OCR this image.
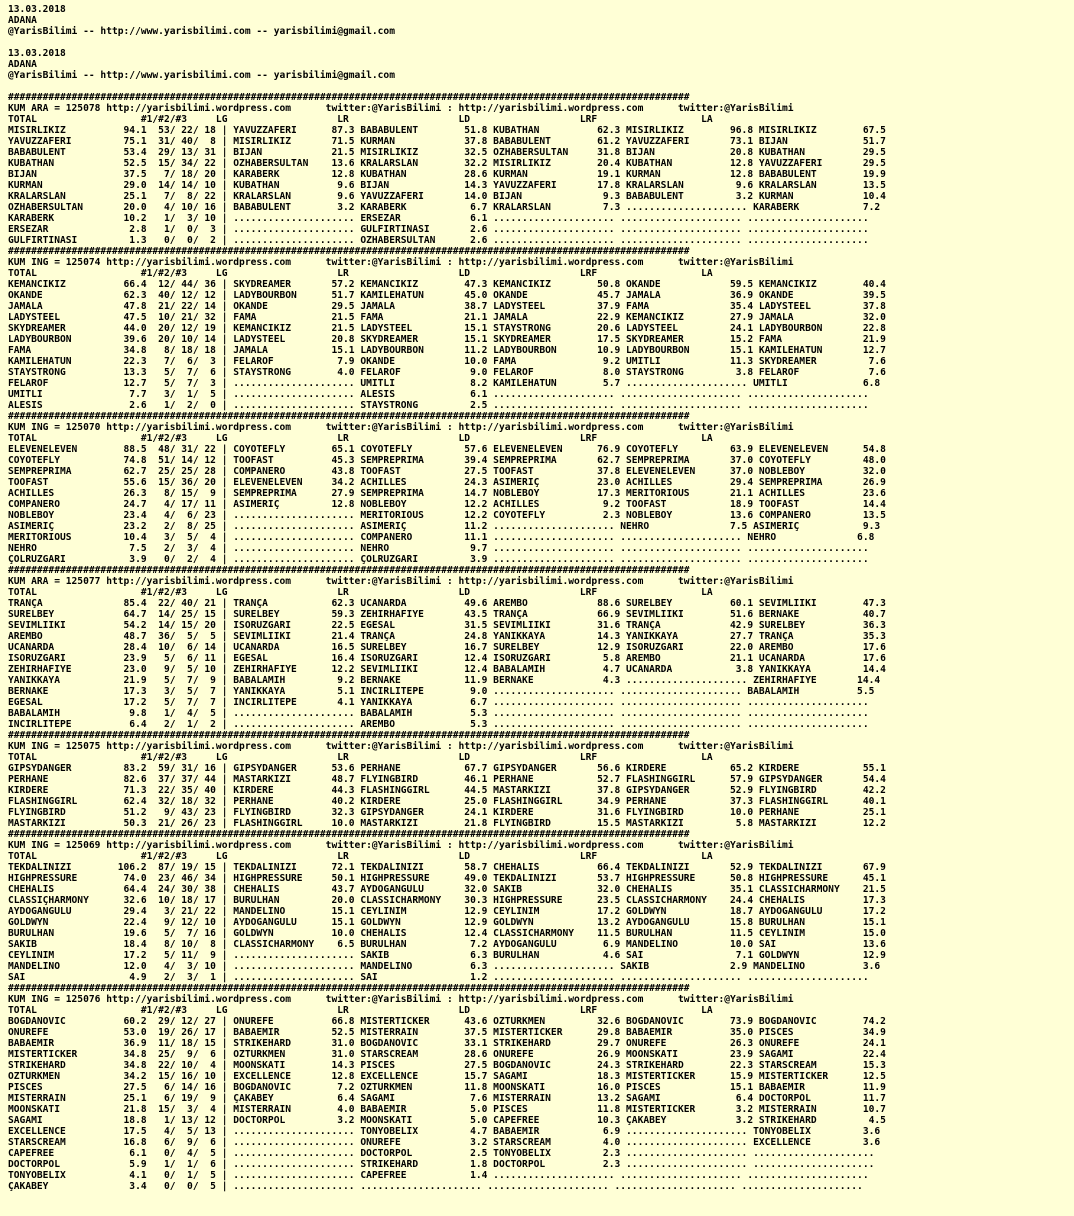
13.03.2018
ADANA
@YarisBilimi -- http://www.yarisbilimi.com -- yarisbilimi@gmail.com

13.03.2018
ADANA
@YarisBilimi -- http://www.yarisbilimi.com -- yarisbilimi@gmail.com

######################################################################################################################
KUM ARA = 125078 http://yarisbilimi.wordpress.com      twitter:@YarisBilimi : http://yarisbilimi.wordpress.com      twitter:@YarisBilimi
TOTAL                  #1/#2/#3     LG                   LR                   LD                   LRF                  LA
MISIRLIKIZ          94.1  53/ 22/ 18 | YAVUZZAFERİ      87.3 BABABÜLENT        51.8 KUBATHAN          62.3 MISIRLIKIZ        96.8 MISIRLIKIZ        67.5
YAVUZZAFERİ         75.1  31/ 40/  8 | MISIRLIKIZ       71.5 KURMAN            37.8 BABABULENT        61.2 YAVUZZAFERİ       73.1 BIJAN             51.7
BABABULENT          53.4  29/ 13/ 31 | BIJAN            21.5 MISIRLIKIZ        32.5 ÖZHABERSULTAN     31.8 BIJAN             20.8 KUBATHAN          29.5
KUBATHAN            52.5  15/ 34/ 22 | ÖZHABERSULTAN    13.6 KRALARSLAN        32.2 MISIRLIKIZ        20.4 KUBATHAN          12.8 YAVUZZAFERİ       29.5
BIJAN               37.5   7/ 18/ 20 | KARABERK         12.8 KUBATHAN          28.6 KURMAN            19.1 KURMAN            12.8 BABABULENT        19.9
KURMAN              29.0  14/ 14/ 10 | KUBATHAN          9.6 BIJAN             14.3 YAVUZZAFERİ       17.8 KRALARSLAN         9.6 KRALARSLAN        13.5
KRALARSLAN          25.1   7/  8/ 22 | KRALARSLAN        9.6 YAVUZZAFERİ       14.0 BIJAN              9.3 BABABULENT         3.2 KURMAN            10.4
ÖZHABERSULTAN       20.0   4/ 10/ 16 | BABABULENT        3.2 KARABERK           6.7 KRALARSLAN         7.3 ..................... KARABERK           7.2
KARABERK            10.2   1/  3/ 10 | ..................... ERSEZAR            6.1 ..................... ..................... .....................
ERSEZAR              2.8   1/  0/  3 | ..................... GULFIRTINASI       2.6 ..................... ..................... .....................
GULFIRTINASI         1.3   0/  0/  2 | ..................... ÖZHABERSULTAN      2.6 ..................... ..................... .....................
######################################################################################################################
KUM ING = 125074 http://yarisbilimi.wordpress.com      twitter:@YarisBilimi : http://yarisbilimi.wordpress.com      twitter:@YarisBilimi
TOTAL                  #1/#2/#3     LG                   LR                   LD                   LRF                  LA
KEMANCIKIZ          66.4  12/ 44/ 36 | SKYDREAMER       57.2 KEMANCIKIZ        47.3 KEMANCIKIZ        50.8 OKANDE            59.5 KEMANCIKIZ        40.4
OKANDE              62.3  40/ 12/ 12 | LADYBOURBON      51.7 KAMİLEHATUN       45.0 OKANDE            45.7 JAMALA            36.9 OKANDE            39.5
JAMALA              47.8  21/ 22/ 14 | OKANDE           29.5 JAMALA            38.7 LADYSTEEL         37.9 FAMA              35.4 LADYSTEEL         37.8
LADYSTEEL           47.5  10/ 21/ 32 | FAMA             21.5 FAMA              21.1 JAMALA            22.9 KEMANCIKIZ        27.9 JAMALA            32.0
SKYDREAMER          44.0  20/ 12/ 19 | KEMANCIKIZ       21.5 LADYSTEEL         15.1 STAYSTRONG        20.6 LADYSTEEL         24.1 LADYBOURBON       22.8
LADYBOURBON         39.6  20/ 10/ 14 | LADYSTEEL        20.8 SKYDREAMER        15.1 SKYDREAMER        17.5 SKYDREAMER        15.2 FAMA              21.9
FAMA                34.8   8/ 18/ 18 | JAMALA           15.1 LADYBOURBON       11.2 LADYBOURBON       10.9 LADYBOURBON       15.1 KAMİLEHATUN       12.7
KAMİLEHATUN         22.3   7/  6/  3 | FELAROF           7.9 OKANDE            10.0 FAMA               9.2 ÜMİTLİ            11.3 SKYDREAMER         7.6
STAYSTRONG          13.3   5/  7/  6 | STAYSTRONG        4.0 FELAROF            9.0 FELAROF            8.0 STAYSTRONG         3.8 FELAROF            7.6
FELAROF             12.7   5/  7/  3 | ..................... ÜMİTLİ             8.2 KAMİLEHATUN        5.7 ..................... ÜMİTLİ             6.8
ÜMİTLİ               7.7   3/  1/  5 | ..................... ALESIS             6.1 ..................... ..................... .....................
ALESIS               2.6   1/  2/  0 | ..................... STAYSTRONG         2.5 ..................... ..................... .....................
######################################################################################################################
KUM ING = 125070 http://yarisbilimi.wordpress.com      twitter:@YarisBilimi : http://yarisbilimi.wordpress.com      twitter:@YarisBilimi
TOTAL                  #1/#2/#3     LG                   LR                   LD                   LRF                  LA
ELEVENELEVEN        88.5  48/ 31/ 22 | COYOTEFLY        65.1 COYOTEFLY         57.6 ELEVENELEVEN      76.9 COYOTEFLY         63.9 ELEVENELEVEN      54.8
COYOTEFLY           74.8  51/ 14/ 12 | TOOFAST          45.3 SEMPREPRIMA       39.4 SEMPREPRIMA       62.7 SEMPREPRIMA       37.0 COYOTEFLY         48.0
SEMPREPRIMA         62.7  25/ 25/ 28 | COMPANERO        43.8 TOOFAST           27.5 TOOFAST           37.8 ELEVENELEVEN      37.0 NOBLEBOY          32.0
TOOFAST             55.6  15/ 36/ 20 | ELEVENELEVEN     34.2 ACHILLES          24.3 ASİMERİÇ          23.0 ACHILLES          29.4 SEMPREPRIMA       26.9
ACHILLES            26.3   8/ 15/  9 | SEMPREPRIMA      27.9 SEMPREPRIMA       14.7 NOBLEBOY          17.3 MERITORIOUS       21.1 ACHILLES          23.6
COMPANERO           24.7   4/ 17/ 11 | ASİMERİÇ         12.8 NOBLEBOY          12.2 ACHILLES           9.2 TOOFAST           18.9 TOOFAST           14.4
NOBLEBOY            23.4   4/  6/ 23 | ..................... MERITORIOUS       12.2 COYOTEFLY          2.3 NOBLEBOY          13.6 COMPANERO         13.5
ASİMERİÇ            23.2   2/  8/ 25 | ..................... ASİMERİÇ          11.2 ..................... NEHRO              7.5 ASİMERİÇ           9.3
MERITORIOUS         10.4   3/  5/  4 | ..................... COMPANERO         11.1 ..................... ..................... NEHRO              6.8
NEHRO                7.5   2/  3/  4 | ..................... NEHRO              9.7 ..................... ..................... .....................
ÇOLRUZGARI           3.9   0/  2/  4 | ..................... ÇOLRUZGARI         3.9 ..................... ..................... .....................
######################################################################################################################
KUM ARA = 125077 http://yarisbilimi.wordpress.com      twitter:@YarisBilimi : http://yarisbilimi.wordpress.com      twitter:@YarisBilimi
TOTAL                  #1/#2/#3     LG                   LR                   LD                   LRF                  LA
TRANÇA              85.4  22/ 40/ 21 | TRANÇA           62.3 UCANARDA          49.6 AREMBO            88.6 SURELBEY          60.1 SEVİMLİİKİ        47.3
SURELBEY            64.7  14/ 25/ 15 | SURELBEY         59.3 ZEHİRHAFİYE       43.5 TRANÇA            66.9 SEVİMLİİKİ        51.6 BERNAKE           40.7
SEVİMLİİKİ          54.2  14/ 15/ 20 | İSORUZGARI       22.5 EGESAL            31.5 SEVİMLİİKİ        31.6 TRANÇA            42.9 SURELBEY          36.3
AREMBO              48.7  36/  5/  5 | SEVİMLİİKİ       21.4 TRANÇA            24.8 YANIKKAYA         14.3 YANIKKAYA         27.7 TRANÇA            35.3
UCANARDA            28.4  10/  6/ 14 | UCANARDA         16.5 SURELBEY          16.7 SURELBEY          12.9 İSORUZGARI        22.0 AREMBO            17.6
İSORUZGARI          23.9   5/  6/ 11 | EGESAL           16.4 İSORUZGARI        12.4 İSORUZGARI         5.8 AREMBO            21.1 UCANARDA          17.6
ZEHİRHAFİYE         23.0   9/  5/ 10 | ZEHİRHAFİYE      12.2 SEVİMLİİKİ        12.4 BABALAMİH          4.7 UCANARDA           3.8 YANIKKAYA         14.4
YANIKKAYA           21.9   5/  7/  9 | BABALAMİH         9.2 BERNAKE           11.9 BERNAKE            4.3 ..................... ZEHİRHAFİYE       14.4
BERNAKE             17.3   3/  5/  7 | YANIKKAYA         5.1 İNCİRLİTEPE        9.0 ..................... ..................... BABALAMİH          5.5
EGESAL              17.2   5/  7/  7 | İNCİRLİTEPE       4.1 YANIKKAYA          6.7 ..................... ..................... .....................
BABALAMİH            9.8   1/  4/  5 | ..................... BABALAMİH          5.3 ..................... ..................... .....................
İNCİRLİTEPE          6.4   2/  1/  2 | ..................... AREMBO             5.3 ..................... ..................... .....................
######################################################################################################################
KUM ING = 125075 http://yarisbilimi.wordpress.com      twitter:@YarisBilimi : http://yarisbilimi.wordpress.com      twitter:@YarisBilimi
TOTAL                  #1/#2/#3     LG                   LR                   LD                   LRF                  LA
GIPSYDANGER         83.2  59/ 31/ 16 | GIPSYDANGER      53.6 PERHANE           67.7 GIPSYDANGER       56.6 KIRDERE           65.2 KIRDERE           55.1
PERHANE             82.6  37/ 37/ 44 | MASTARKIZI       48.7 FLYINGBIRD        46.1 PERHANE           52.7 FLASHINGGIRL      57.9 GIPSYDANGER       54.4
KIRDERE             71.3  22/ 35/ 40 | KIRDERE          44.3 FLASHINGGIRL      44.5 MASTARKIZI        37.8 GIPSYDANGER       52.9 FLYINGBIRD        42.2
FLASHINGGIRL        62.4  32/ 18/ 32 | PERHANE          40.2 KIRDERE           25.0 FLASHINGGIRL      34.9 PERHANE           37.3 FLASHINGGIRL      40.1
FLYINGBIRD          51.2   9/ 43/ 23 | FLYINGBIRD       32.3 GIPSYDANGER       24.1 KIRDERE           31.6 FLYINGBIRD        10.0 PERHANE           25.1
MASTARKIZI          50.3  21/ 26/ 23 | FLASHINGGIRL     10.0 MASTARKIZI        21.8 FLYINGBIRD        15.5 MASTARKIZI         5.8 MASTARKIZI        12.2
######################################################################################################################
KUM ING = 125069 http://yarisbilimi.wordpress.com      twitter:@YarisBilimi : http://yarisbilimi.wordpress.com      twitter:@YarisBilimi
TOTAL                  #1/#2/#3     LG                   LR                   LD                   LRF                  LA
TEKDALINİZİ        106.2  87/ 19/ 15 | TEKDALINİZİ      72.1 TEKDALINİZİ       58.7 CHEHALIS          66.4 TEKDALINİZİ       52.9 TEKDALINİZİ       67.9
HIGHPRESSURE        74.0  23/ 46/ 34 | HIGHPRESSURE     50.1 HIGHPRESSURE      49.0 TEKDALINİZİ       53.7 HIGHPRESSURE      50.8 HIGHPRESSURE      45.1
CHEHALIS            64.4  24/ 30/ 38 | CHEHALIS         43.7 AYDOGANGULU       32.0 SAKIB             32.0 CHEHALIS          35.1 CLASSICHARMONY    21.5
CLASSIÇHARMONY      32.6  10/ 18/ 17 | BURULHAN         20.0 CLASSİCHARMONY    30.3 HIGHPRESSURE      23.5 CLASSICHARMONY    24.4 CHEHALIS          17.3
AYDOGANGULU         29.4   3/ 21/ 22 | MANDELINO        15.1 CEYLINIM          12.9 CEYLINIM          17.2 GOLDWYN           18.7 AYDOGANGULU       17.2
GOLDWYN             22.4   9/ 12/ 10 | AYDOGANGULU      15.1 GOLDWYN           12.9 GOLDWYN           13.2 AYDOGANGULU       15.8 BURULHAN          15.1
BURULHAN            19.6   5/  7/ 16 | GOLDWYN          10.0 CHEHALIS          12.4 CLASSICHARMONY    11.5 BURULHAN          11.5 CEYLINIM          15.0
SAKIB               18.4   8/ 10/  8 | CLASSICHARMONY    6.5 BURULHAN           7.2 AYDOGANGULU        6.9 MANDELINO         10.0 SAI               13.6
CEYLINIM            17.2   5/ 11/  9 | ..................... SAKIB              6.3 BURULHAN           4.6 SAI                7.1 GOLDWYN           12.9
MANDELINO           12.0   4/  3/ 10 | ..................... MANDELINO          6.3 ..................... SAKIB              2.9 MANDELINO          3.6
SAI                  4.9   2/  3/  1 | ..................... SAI                1.2 ..................... ..................... .....................
######################################################################################################################
KUM ING = 125076 http://yarisbilimi.wordpress.com      twitter:@YarisBilimi : http://yarisbilimi.wordpress.com      twitter:@YarisBilimi
TOTAL                  #1/#2/#3     LG                   LR                   LD                   LRF                  LA
BOGDANOVIC          60.2  29/ 12/ 27 | ONUREFE          66.8 MISTERTICKER      43.6 ÖZTÜRKMEN         32.6 BOGDANOVIC        73.9 BOGDANOVIC        74.2
ONUREFE             53.0  19/ 26/ 17 | BABAEMİR         52.5 MISTERRAIN        37.5 MISTERTICKER      29.8 BABAEMİR          35.0 PISCES            34.9
BABAEMİR            36.9  11/ 18/ 15 | STRIKEHARD       31.0 BOGDANOVIC        33.1 STRIKEHARD        29.7 ONUREFE           26.3 ONUREFE           24.1
MISTERTICKER        34.8  25/  9/  6 | ÖZTÜRKMEN        31.0 STARSCREAM        28.6 ONUREFE           26.9 MOONSKATI         23.9 SAGAMI            22.4
STRIKEHARD          34.8  22/ 10/  4 | MOONSKATI        14.3 PISCES            27.5 BOGDANOVIC        24.3 STRIKEHARD        22.3 STARSCREAM        15.3
ÖZTÜRKMEN           34.2  15/ 16/ 10 | EXCELLENCE       12.8 EXCELLENCE        15.7 SAGAMI            18.3 MISTERTICKER      15.9 MISTERTICKER      12.5
PISCES              27.5   6/ 14/ 16 | BOGDANOVIC        7.2 ÖZTÜRKMEN         11.8 MOONSKATI         16.0 PISCES            15.1 BABAEMİR          11.9
MISTERRAIN          25.1   6/ 19/  9 | ÇAKABEY           6.4 SAGAMI             7.6 MISTERRAIN        13.2 SAGAMI             6.4 DOCTORPOL         11.7
MOONSKATI           21.8  15/  3/  4 | MISTERRAIN        4.0 BABAEMİR           5.0 PISCES            11.8 MISTERTICKER       3.2 MISTERRAIN        10.7
SAGAMI              18.8   1/ 13/ 12 | DOCTORPOL         3.2 MOONSKATI          5.0 CAPEFREE          10.3 ÇAKABEY            3.2 STRIKEHARD         4.5
EXCELLENCE          17.5   4/  5/ 13 | ..................... TONYOBELIX         4.7 BABAEMİR           6.9 ..................... TONYOBELIX         3.6
STARSCREAM          16.8   6/  9/  6 | ..................... ONUREFE            3.2 STARSCREAM         4.0 ..................... EXCELLENCE         3.6
CAPEFREE             6.1   0/  4/  5 | ..................... DOCTORPOL          2.5 TONYOBELIX         2.3 ..................... .....................
DOCTORPOL            5.9   1/  1/  6 | ..................... STRIKEHARD         1.8 DOCTORPOL          2.3 ..................... .....................
TONYOBELIX           4.1   0/  1/  5 | ..................... CAPEFREE           1.4 ..................... ..................... .....................
ÇAKABEY              3.4   0/  0/  5 | ..................... ..................... ..................... ..................... .....................
